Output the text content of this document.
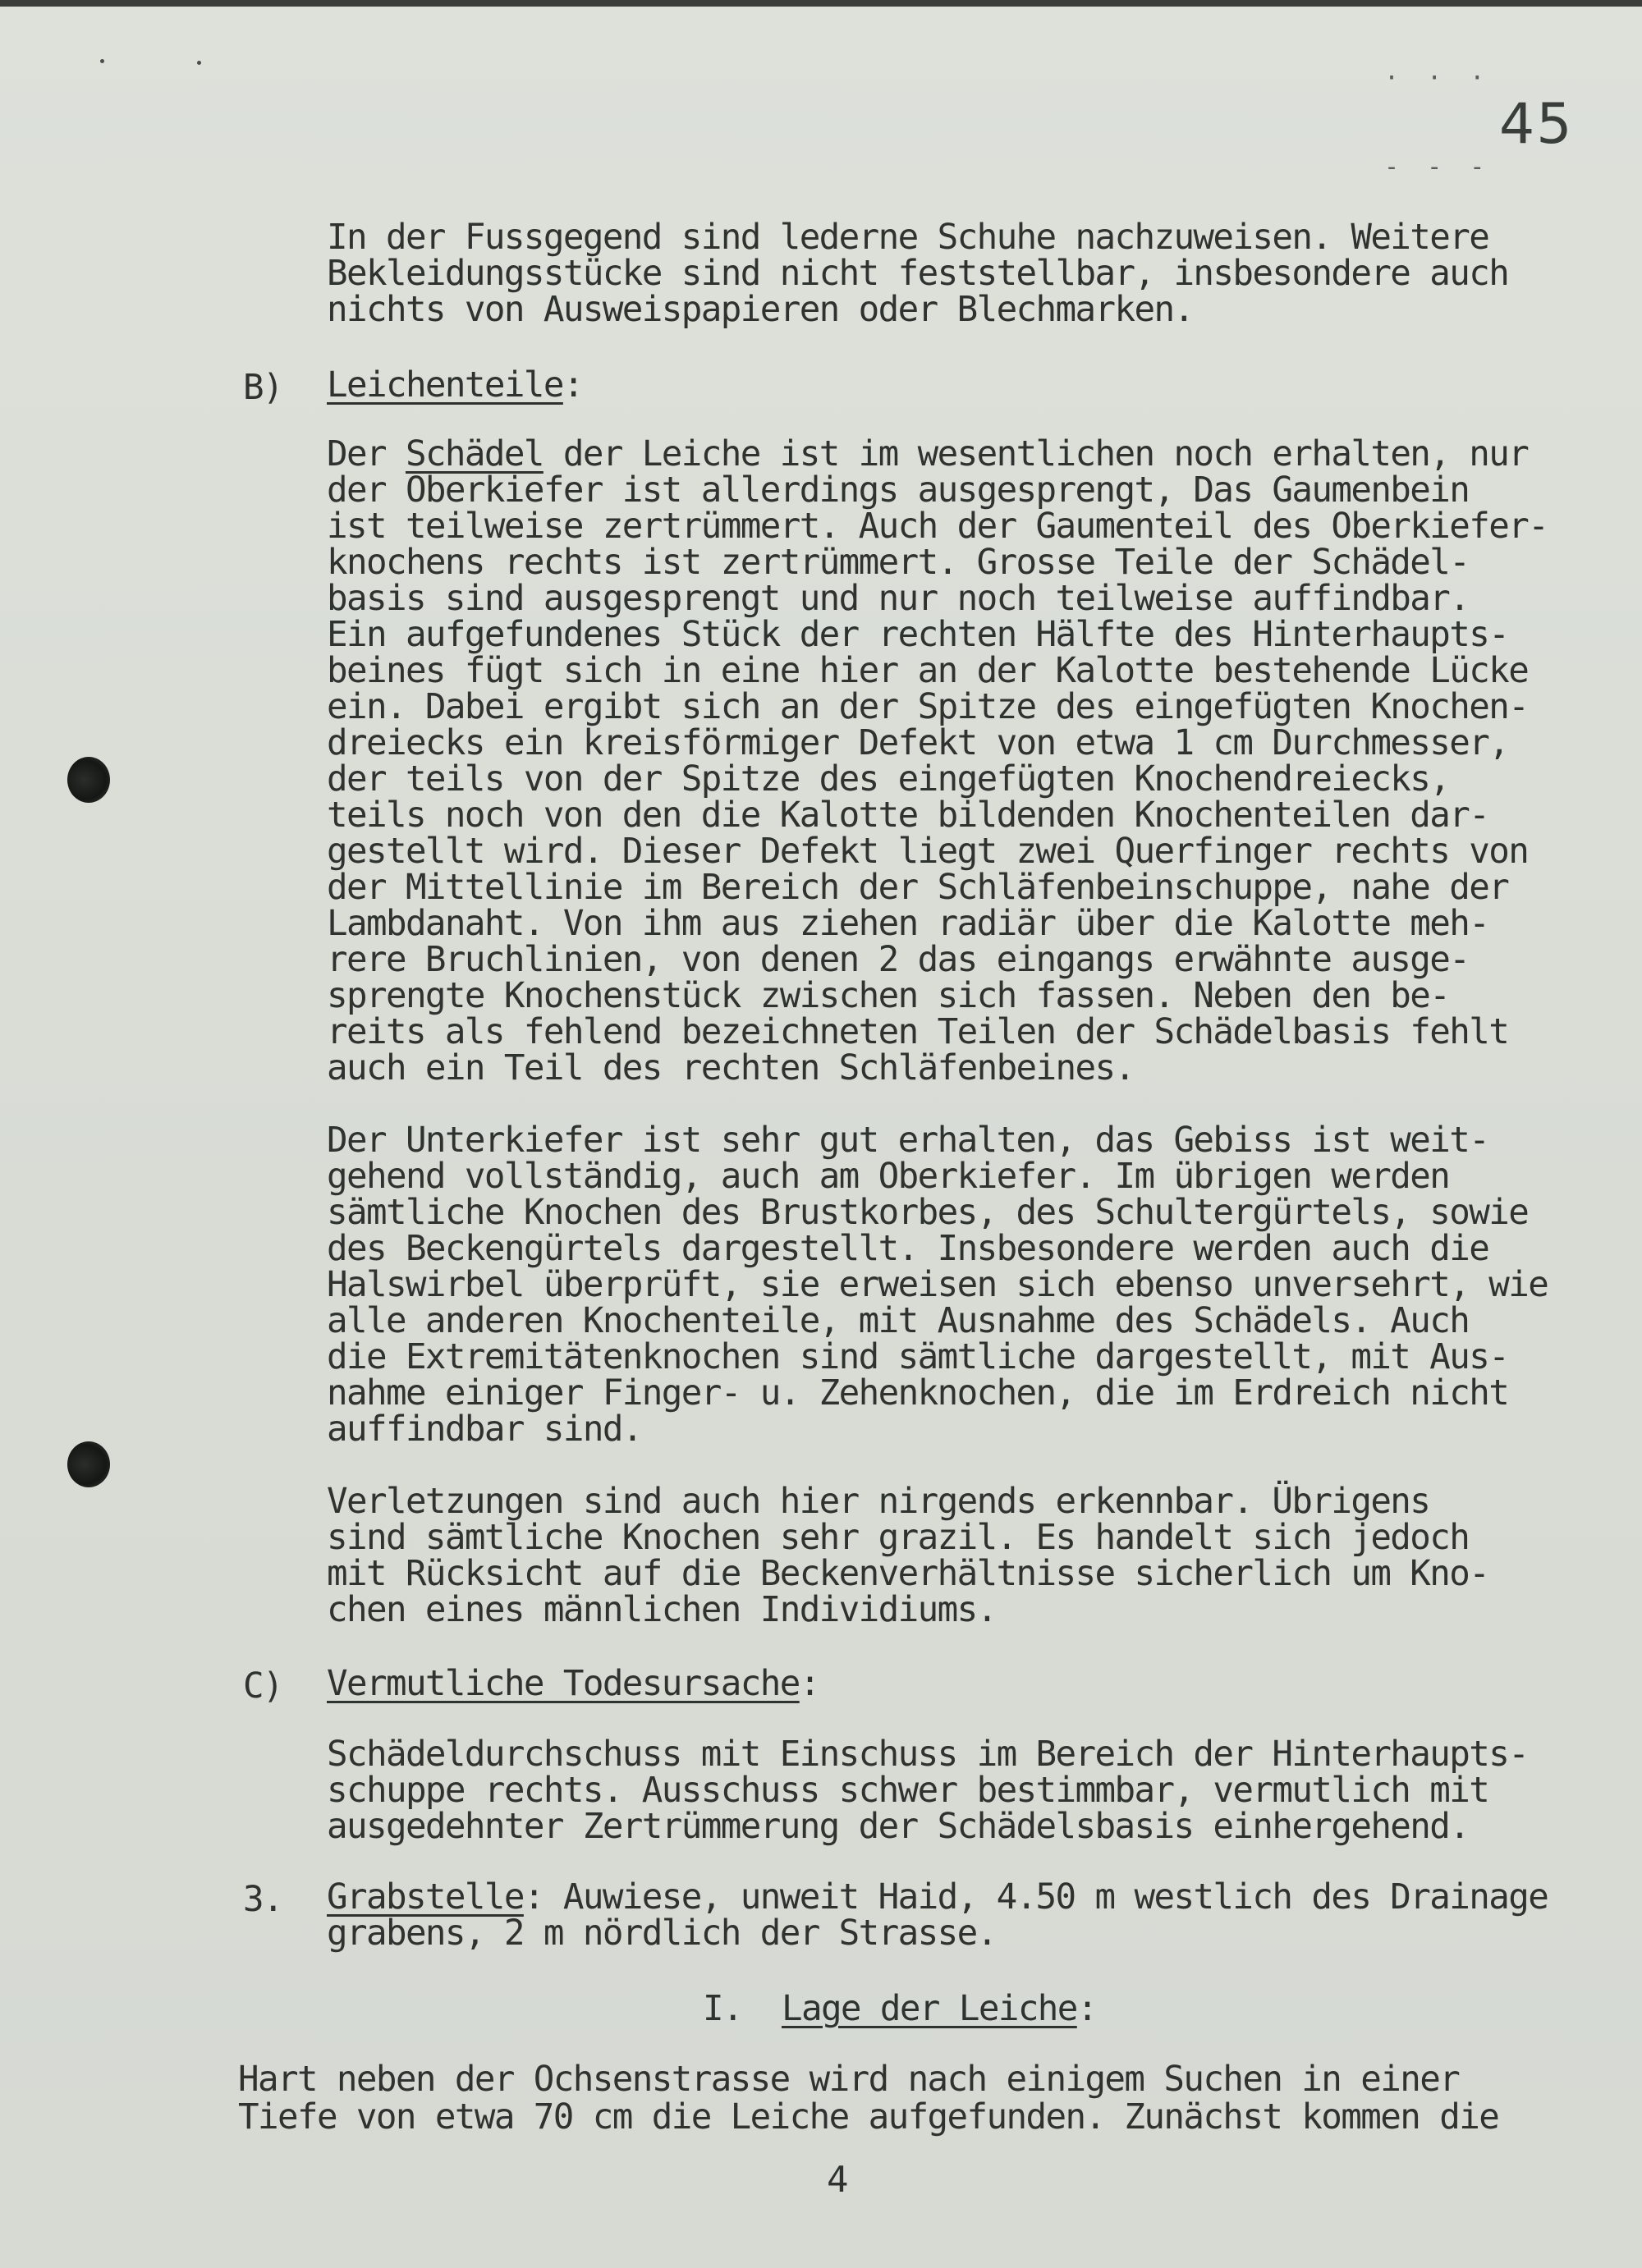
· · ·
- - -
45
In der Fussgegend sind lederne Schuhe nachzuweisen. Weitere
Bekleidungsstücke sind nicht feststellbar, insbesondere auch
nichts von Ausweispapieren oder Blechmarken.
B) Leichenteile:
Der Schädel der Leiche ist im wesentlichen noch erhalten, nur
der Oberkiefer ist allerdings ausgesprengt, Das Gaumenbein
ist teilweise zertrümmert. Auch der Gaumenteil des Oberkiefer-
knochens rechts ist zertrümmert. Grosse Teile der Schädel-
basis sind ausgesprengt und nur noch teilweise auffindbar.
Ein aufgefundenes Stück der rechten Hälfte des Hinterhaupts-
beines fügt sich in eine hier an der Kalotte bestehende Lücke
ein. Dabei ergibt sich an der Spitze des eingefügten Knochen-
dreiecks ein kreisförmiger Defekt von etwa 1 cm Durchmesser,
der teils von der Spitze des eingefügten Knochendreiecks,
teils noch von den die Kalotte bildenden Knochenteilen dar-
gestellt wird. Dieser Defekt liegt zwei Querfinger rechts von
der Mittellinie im Bereich der Schläfenbeinschuppe, nahe der
Lambdanaht. Von ihm aus ziehen radiär über die Kalotte meh-
rere Bruchlinien, von denen 2 das eingangs erwähnte ausge-
sprengte Knochenstück zwischen sich fassen. Neben den be-
reits als fehlend bezeichneten Teilen der Schädelbasis fehlt
auch ein Teil des rechten Schläfenbeines.
Der Unterkiefer ist sehr gut erhalten, das Gebiss ist weit-
gehend vollständig, auch am Oberkiefer. Im übrigen werden
sämtliche Knochen des Brustkorbes, des Schultergürtels, sowie
des Beckengürtels dargestellt. Insbesondere werden auch die
Halswirbel überprüft, sie erweisen sich ebenso unversehrt, wie
alle anderen Knochenteile, mit Ausnahme des Schädels. Auch
die Extremitätenknochen sind sämtliche dargestellt, mit Aus-
nahme einiger Finger- u. Zehenknochen, die im Erdreich nicht
auffindbar sind.
Verletzungen sind auch hier nirgends erkennbar. Übrigens
sind sämtliche Knochen sehr grazil. Es handelt sich jedoch
mit Rücksicht auf die Beckenverhältnisse sicherlich um Kno-
chen eines männlichen Individiums.
C) Vermutliche Todesursache:
Schädeldurchschuss mit Einschuss im Bereich der Hinterhaupts-
schuppe rechts. Ausschuss schwer bestimmbar, vermutlich mit
ausgedehnter Zertrümmerung der Schädelsbasis einhergehend.
3. Grabstelle: Auwiese, unweit Haid, 4.50 m westlich des Drainage
grabens, 2 m nördlich der Strasse.
I. Lage der Leiche:
Hart neben der Ochsenstrasse wird nach einigem Suchen in einer
Tiefe von etwa 70 cm die Leiche aufgefunden. Zunächst kommen die
4
